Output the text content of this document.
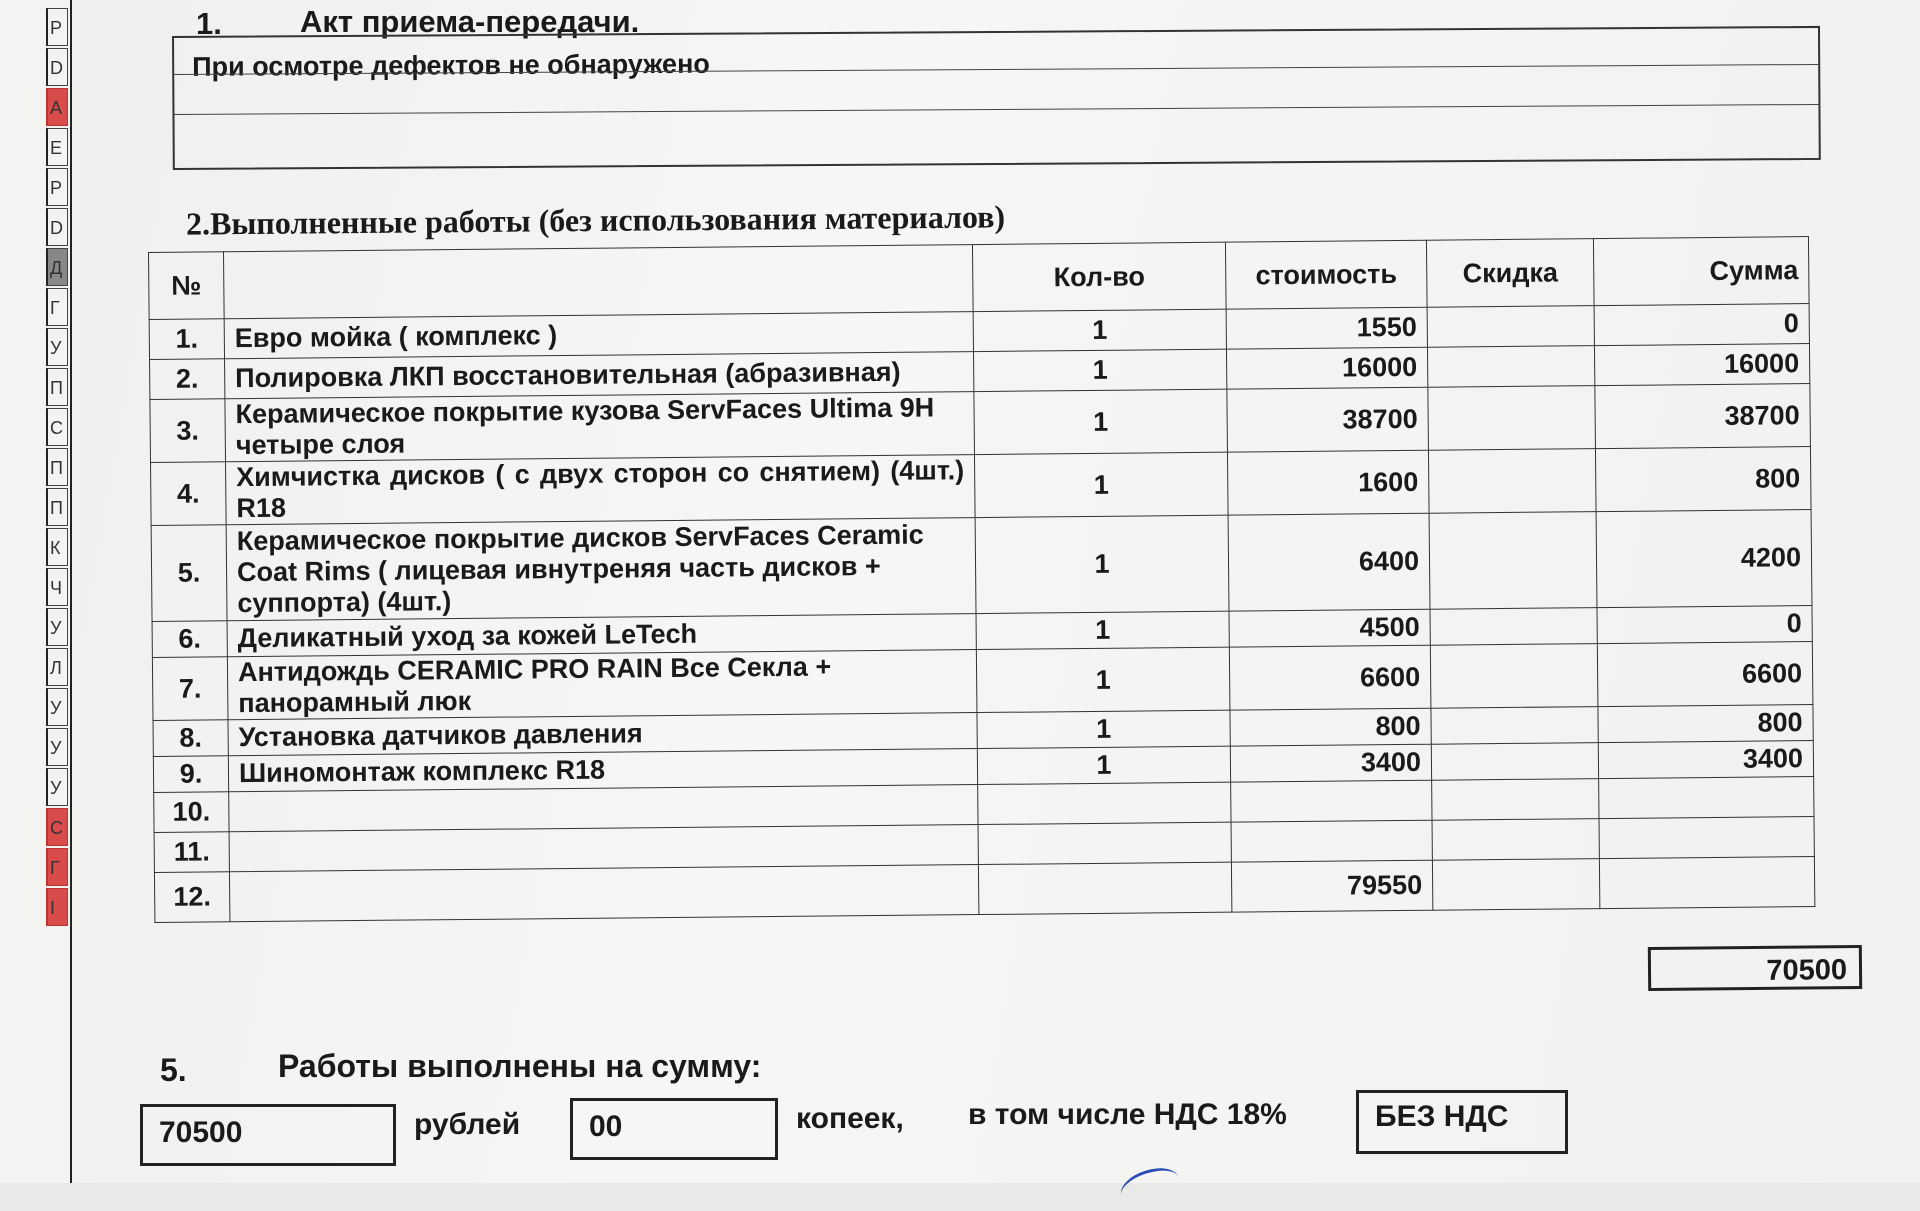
Р
D
А
Е
Р
D
Д
Г
У
П
С
П
П
К
Ч
У
Л
У
У
У
С
Г
І
1.	Акт приема-передачи.
При осмотре дефектов не обнаружено
2.Выполненные работы (без использования материалов)
№		Кол-во	стоимость	Скидка	Сумма
1.	Евро мойка ( комплекс )	1	1550		0
2.	Полировка ЛКП восстановительная (абразивная)	1	16000		16000
3.	Керамическое покрытие кузова ServFaces Ultima 9H четыре слоя	1	38700		38700
4.	Химчистка дисков ( с двух сторон со снятием) (4шт.) R18	1	1600		800
5.	Керамическое покрытие дисков ServFaces Ceramic Coat Rims ( лицевая ивнутреняя часть дисков + суппорта) (4шт.)	1	6400		4200
6.	Деликатный уход за кожей LeTech	1	4500		0
7.	Антидождь CERAMIC PRO RAIN Все Секла + панорамный люк	1	6600		6600
8.	Установка датчиков давления	1	800		800
9.	Шиномонтаж комплекс R18	1	3400		3400
10.					
11.					
12.			79550		
70500
5.	Работы выполнены на сумму:
70500	рублей	00	копеек, в том числе НДС 18%	БЕЗ НДС
